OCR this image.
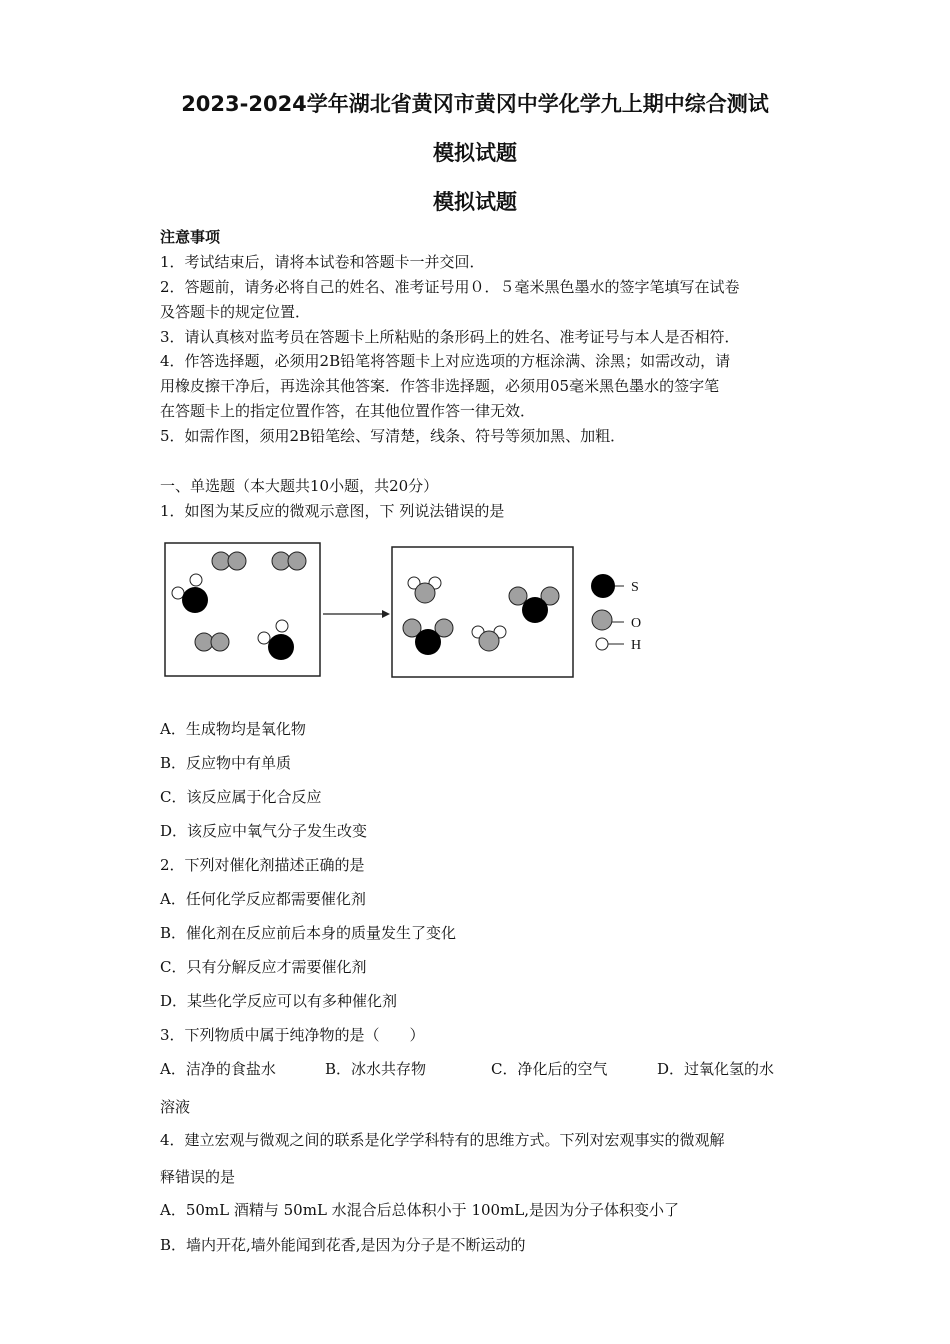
2023-2024学年湖北省黄冈市黄冈中学化学九上期中综合测试
模拟试题
模拟试题
注意事项
1．考试结束后，请将本试卷和答题卡一并交回．
2．答题前，请务必将自己的姓名、准考证号用０．５毫米黑色墨水的签字笔填写在试卷
及答题卡的规定位置．
3．请认真核对监考员在答题卡上所粘贴的条形码上的姓名、准考证号与本人是否相符．
4．作答选择题，必须用2B铅笔将答题卡上对应选项的方框涂满、涂黑；如需改动，请
用橡皮擦干净后，再选涂其他答案．作答非选择题，必须用05毫米黑色墨水的签字笔
在答题卡上的指定位置作答，在其他位置作答一律无效．
5．如需作图，须用2B铅笔绘、写清楚，线条、符号等须加黑、加粗．
一、单选题（本大题共10小题，共20分）
1．如图为某反应的微观示意图，下 列说法错误的是
S
O
H
A．生成物均是氧化物
B．反应物中有单质
C．该反应属于化合反应
D．该反应中氧气分子发生改变
2．下列对催化剂描述正确的是
A．任何化学反应都需要催化剂
B．催化剂在反应前后本身的质量发生了变化
C．只有分解反应才需要催化剂
D．某些化学反应可以有多种催化剂
3．下列物质中属于纯净物的是（　　）
A．洁净的食盐水	B．冰水共存物	C．净化后的空气	D．过氧化氢的水
溶液
4．建立宏观与微观之间的联系是化学学科特有的思维方式。下列对宏观事实的微观解
释错误的是
A．50mL 酒精与 50mL 水混合后总体积小于 100mL,是因为分子体积变小了
B．墙内开花,墙外能闻到花香,是因为分子是不断运动的
